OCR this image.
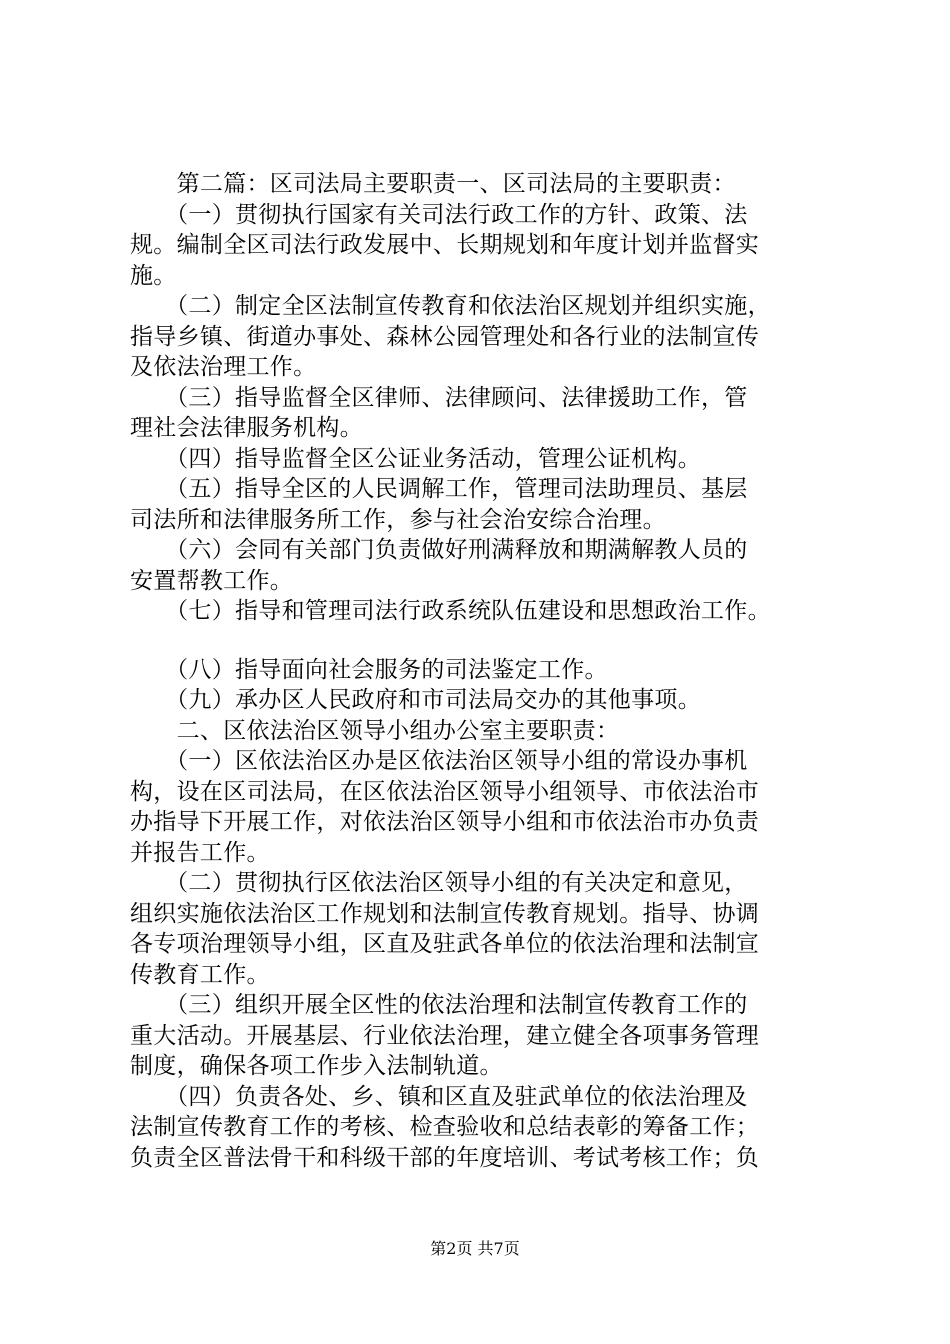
　　第二篇：区司法局主要职责一、区司法局的主要职责：
　　（一）贯彻执行国家有关司法行政工作的方针、政策、法
规。编制全区司法行政发展中、长期规划和年度计划并监督实
施。
　　（二）制定全区法制宣传教育和依法治区规划并组织实施，
指导乡镇、街道办事处、森林公园管理处和各行业的法制宣传
及依法治理工作。
　　（三）指导监督全区律师、法律顾问、法律援助工作，管
理社会法律服务机构。
　　（四）指导监督全区公证业务活动，管理公证机构。
　　（五）指导全区的人民调解工作，管理司法助理员、基层
司法所和法律服务所工作，参与社会治安综合治理。
　　（六）会同有关部门负责做好刑满释放和期满解教人员的
安置帮教工作。
　　（七）指导和管理司法行政系统队伍建设和思想政治工作。
　　（八）指导面向社会服务的司法鉴定工作。
　　（九）承办区人民政府和市司法局交办的其他事项。
　　二、区依法治区领导小组办公室主要职责：
　　（一）区依法治区办是区依法治区领导小组的常设办事机
构，设在区司法局，在区依法治区领导小组领导、市依法治市
办指导下开展工作，对依法治区领导小组和市依法治市办负责
并报告工作。
　　（二）贯彻执行区依法治区领导小组的有关决定和意见，
组织实施依法治区工作规划和法制宣传教育规划。指导、协调
各专项治理领导小组，区直及驻武各单位的依法治理和法制宣
传教育工作。
　　（三）组织开展全区性的依法治理和法制宣传教育工作的
重大活动。开展基层、行业依法治理，建立健全各项事务管理
制度，确保各项工作步入法制轨道。
　　（四）负责各处、乡、镇和区直及驻武单位的依法治理及
法制宣传教育工作的考核、检查验收和总结表彰的筹备工作；
负责全区普法骨干和科级干部的年度培训、考试考核工作；负
第2页 共7页
